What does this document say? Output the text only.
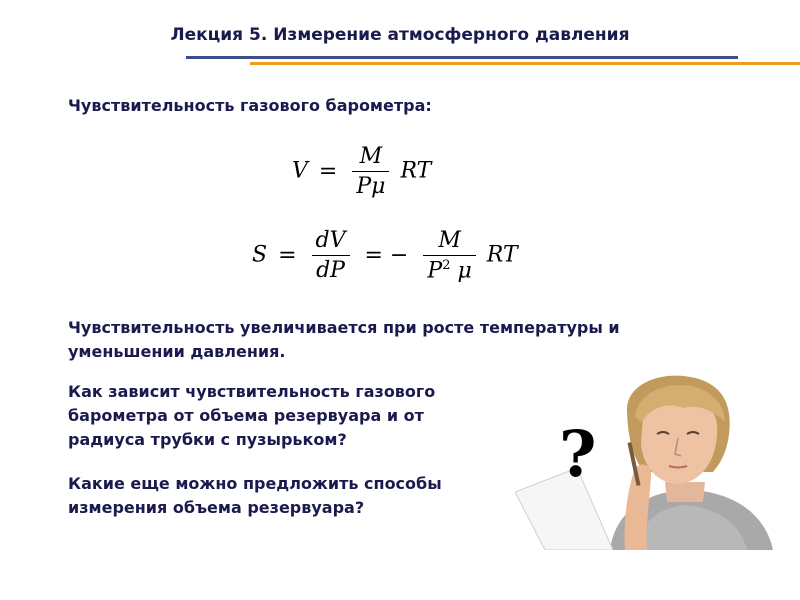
Лекция 5. Измерение атмосферного давления
Чувствительность газового барометра:
$V = \frac{M}{P\mu}$ RT
$S = \frac{dV}{dP}$ = − $\frac{M}{P^2 \mu}$ RT
Чувствительность увеличивается при росте температуры и
уменьшении давления.
Как зависит чувствительность газового
барометра от объема резервуара и от
радиуса трубки с пузырьком?
Какие еще можно предложить способы
измерения объема резервуара?
?
